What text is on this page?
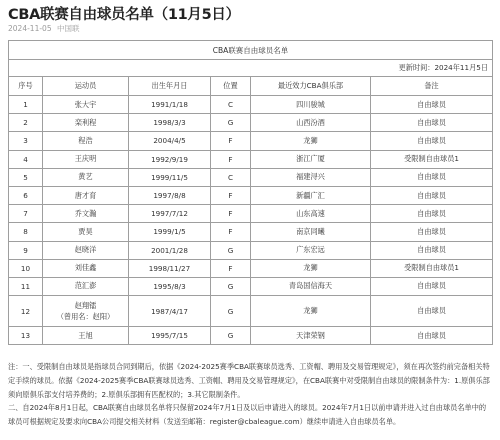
CBA联赛自由球员名单（11月5日）
2024-11-05 中国联
CBA联赛自由球员名单					
更新时间：2024年11月5日					
序号	运动员	出生年月日	位置	最近效力CBA俱乐部	备注
1	张大宇	1991/1/18	C	四川骏城	自由球员
2	栾利程	1998/3/3	G	山西汾酒	自由球员
3	程浩	2004/4/5	F	龙狮	自由球员
4	王庆明	1992/9/19	F	浙江广厦	受限制自由球员1
5	黄艺	1999/11/5	C	福建浔兴	自由球员
6	唐才育	1997/8/8	F	新疆广汇	自由球员
7	乔文瀚	1997/7/12	F	山东高速	自由球员
8	贾昊	1999/1/5	F	南京同曦	自由球员
9	赵晓洋	2001/1/28	G	广东宏远	自由球员
10	刘佳鑫	1998/11/27	F	龙狮	受限制自由球员1
11	范汇澎	1995/8/3	G	青岛国信海天	自由球员
12	赵翔镭
（曾用名：赵阳）	1987/4/17	G	龙狮	自由球员
13	王旭	1995/7/15	G	天津荣钢	自由球员

注：一、受限制自由球员是指球员合同到期后，依据《2024-2025赛季CBA联赛球员选秀、工资帽、聘用及交易管理规定》，须在再次签约前完备相关特定手续的球员。依据《2024-2025赛季CBA联赛球员选秀、工资帽、聘用及交易管理规定》，在CBA联赛中对受限制自由球员的限制条件为：1.原俱乐部须向原俱乐部支付培养费的；2.原俱乐部拥有匹配权的；3.其它限制条件。

二、自2024年8月1日起，CBA联赛自由球员名单将只保留2024年7月1日及以后申请进入的球员。2024年7月1日以前申请并进入过自由球员名单中的球员可根据规定及要求向CBA公司提交相关材料（发送至邮箱：register@cbaleague.com）继续申请进入自由球员名单。
